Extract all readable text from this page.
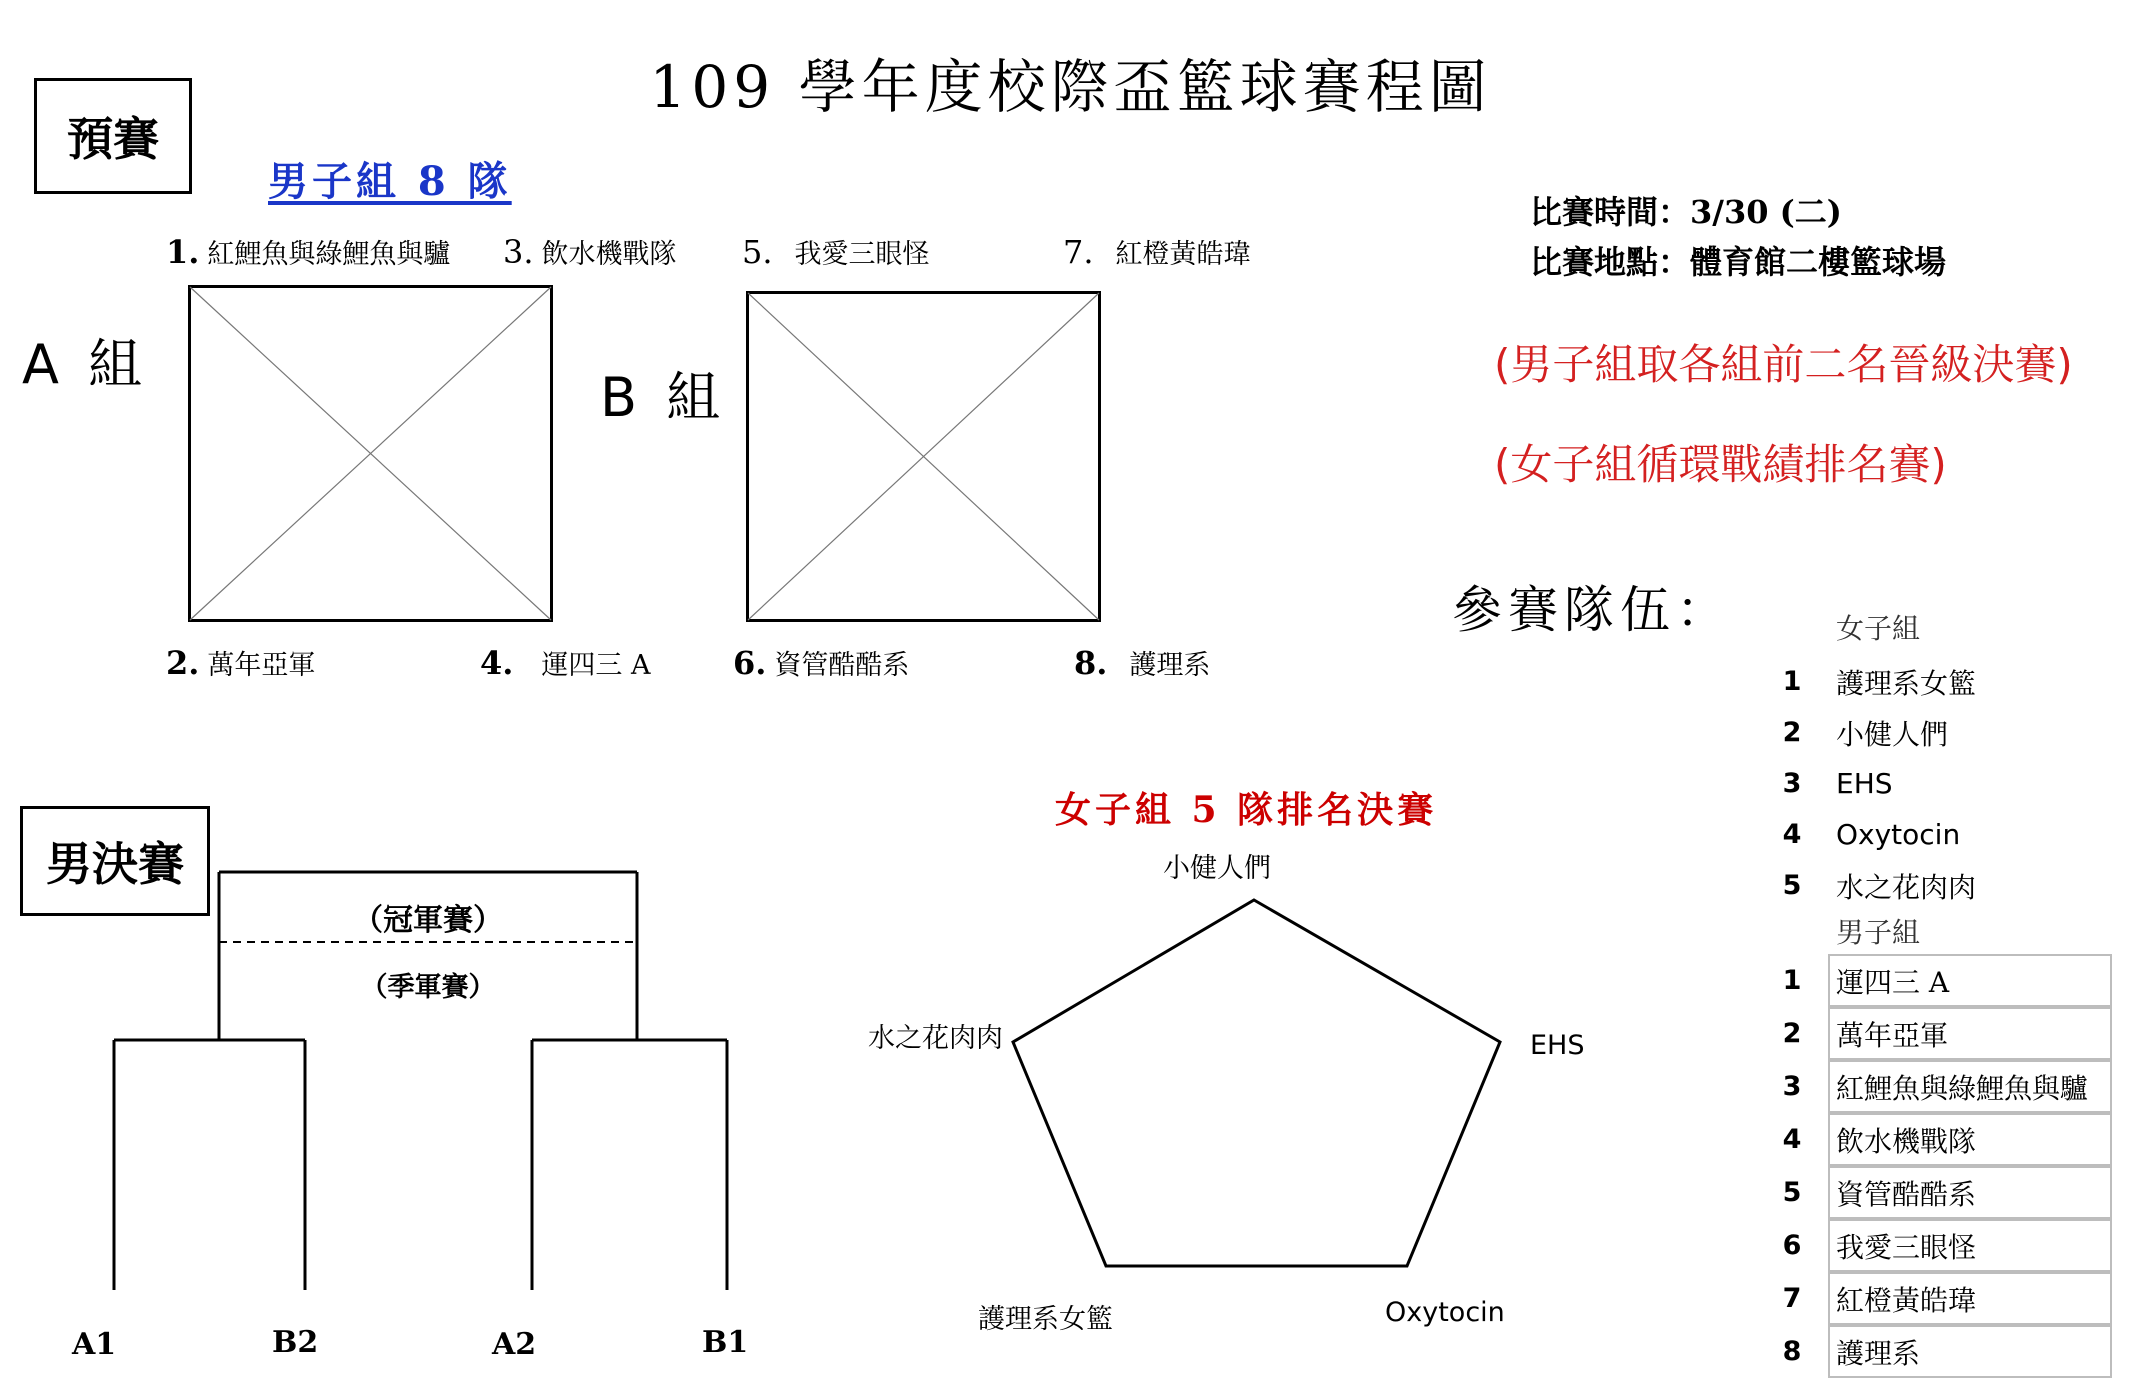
109 學年度校際盃籃球賽程圖
預賽
男子組 8 隊
A 組
1. 紅鯉魚與綠鯉魚與驢 3. 飲水機戰隊
2. 萬年亞軍	4. 運四三 A
B 組
5. 我愛三眼怪	7. 紅橙黃皓瑋
6. 資管酷酷系	8. 護理系
比賽時間：3/30 (二)
比賽地點：體育館二樓籃球場
(男子組取各組前二名晉級決賽)
(女子組循環戰績排名賽)
參賽隊伍：	女子組
1	護理系女籃
2	小健人們
3	EHS
4	Oxytocin
5	水之花肉肉
男子組
1	運四三 A
2	萬年亞軍
3	紅鯉魚與綠鯉魚與驢
4	飲水機戰隊
5	資管酷酷系
6	我愛三眼怪
7	紅橙黃皓瑋
8	護理系
男決賽
（冠軍賽）
（季軍賽）
A1	B2	A2	B1
女子組 5 隊排名決賽
小健人們
EHS
Oxytocin
護理系女籃
水之花肉肉
